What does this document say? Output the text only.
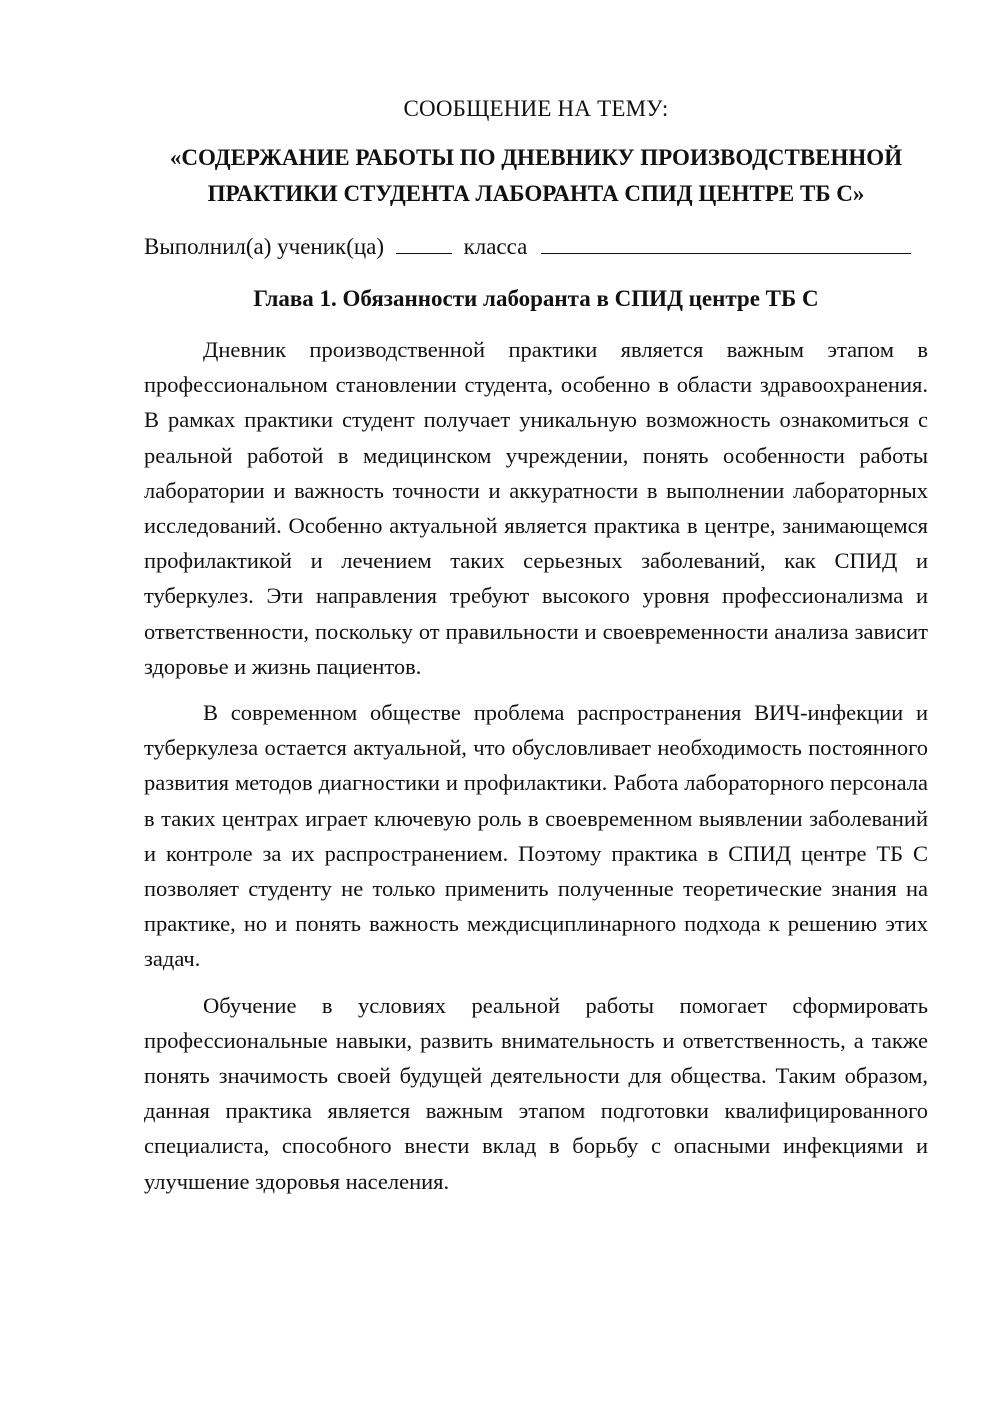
СООБЩЕНИЕ НА ТЕМУ:

«СОДЕРЖАНИЕ РАБОТЫ ПО ДНЕВНИКУ ПРОИЗВОДСТВЕННОЙ
ПРАКТИКИ СТУДЕНТА ЛАБОРАНТА СПИД ЦЕНТРЕ ТБ С»

Выполнил(а) ученик(ца)	класса

Глава 1. Обязанности лаборанта в СПИД центре ТБ С

Дневник производственной практики является важным этапом в профессиональном становлении студента, особенно в области здравоохранения. В рамках практики студент получает уникальную возможность ознакомиться с реальной работой в медицинском учреждении, понять особенности работы лаборатории и важность точности и аккуратности в выполнении лабораторных исследований. Особенно актуальной является практика в центре, занимающемся профилактикой и лечением таких серьезных заболеваний, как СПИД и туберкулез. Эти направления требуют высокого уровня профессионализма и ответственности, поскольку от правильности и своевременности анализа зависит здоровье и жизнь пациентов.

В современном обществе проблема распространения ВИЧ-инфекции и туберкулеза остается актуальной, что обусловливает необходимость постоянного развития методов диагностики и профилактики. Работа лабораторного персонала в таких центрах играет ключевую роль в своевременном выявлении заболеваний и контроле за их распространением. Поэтому практика в СПИД центре ТБ С позволяет студенту не только применить полученные теоретические знания на практике, но и понять важность междисциплинарного подхода к решению этих задач.

Обучение в условиях реальной работы помогает сформировать профессиональные навыки, развить внимательность и ответственность, а также понять значимость своей будущей деятельности для общества. Таким образом, данная практика является важным этапом подготовки квалифицированного специалиста, способного внести вклад в борьбу с опасными инфекциями и улучшение здоровья населения.
